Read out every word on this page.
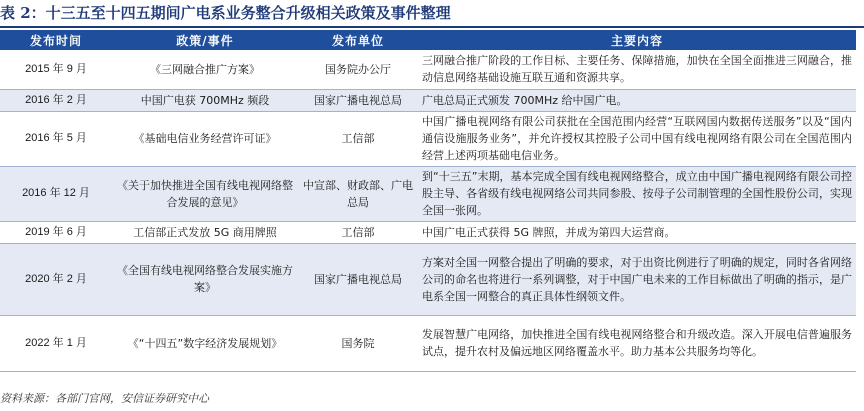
表 2：十三五至十四五期间广电系业务整合升级相关政策及事件整理
发布时间	政策/事件	发布单位	主要内容
2015 年 9 月	《三网融合推广方案》	国务院办公厅	三网融合推广阶段的工作目标、主要任务、保障措施，加快在全国全面推进三网融合，推动信息网络基础设施互联互通和资源共享。
2016 年 2 月	中国广电获 700MHz 频段	国家广播电视总局	广电总局正式颁发 700MHz 给中国广电。
2016 年 5 月	《基础电信业务经营许可证》	工信部	中国广播电视网络有限公司获批在全国范围内经营“互联网国内数据传送服务”以及“国内通信设施服务业务”，并允许授权其控股子公司中国有线电视网络有限公司在全国范围内经营上述两项基础电信业务。
2016 年 12 月	《关于加快推进全国有线电视网络整合发展的意见》	中宣部、财政部、广电总局	到“十三五”末期，基本完成全国有线电视网络整合，成立由中国广播电视网络有限公司控股主导、各省级有线电视网络公司共同参股、按母子公司制管理的全国性股份公司，实现全国一张网。
2019 年 6 月	工信部正式发放 5G 商用牌照	工信部	中国广电正式获得 5G 牌照，并成为第四大运营商。
2020 年 2 月	《全国有线电视网络整合发展实施方案》	国家广播电视总局	方案对全国一网整合提出了明确的要求，对于出资比例进行了明确的规定，同时各省网络公司的命名也将进行一系列调整，对于中国广电未来的工作目标做出了明确的指示，是广电系全国一网整合的真正具体性纲领文件。
2022 年 1 月	《“十四五”数字经济发展规划》	国务院	发展智慧广电网络，加快推进全国有线电视网络整合和升级改造。深入开展电信普遍服务试点，提升农村及偏远地区网络覆盖水平。助力基本公共服务均等化。
资料来源：各部门官网，安信证券研究中心
